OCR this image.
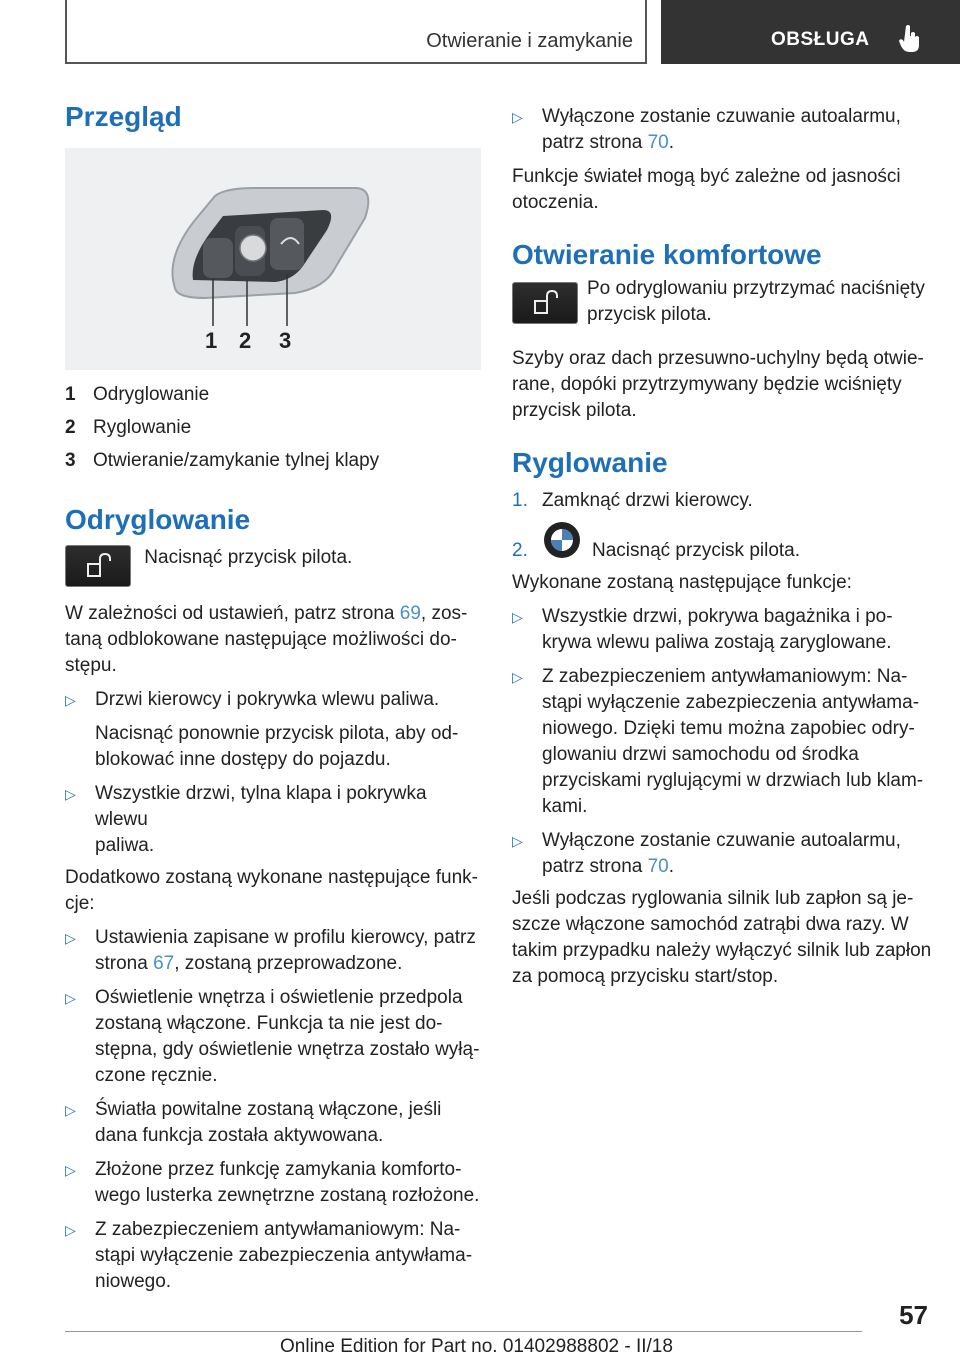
Otwieranie i zamykanie	OBSŁUGA
Przegląd
1 2 3
1 Odryglowanie
2 Ryglowanie
3 Otwieranie/zamykanie tylnej klapy
Odryglowanie
Nacisnąć przycisk pilota.

W zależności od ustawień, patrz strona 69, zos-
taną odblokowane następujące możliwości do-
stępu.

▷	Drzwi kierowcy i pokrywka wlewu paliwa.
Nacisnąć ponownie przycisk pilota, aby od-
blokować inne dostępy do pojazdu.
▷	Wszystkie drzwi, tylna klapa i pokrywka wlewu
paliwa.

Dodatkowo zostaną wykonane następujące funk-
cje:

▷	Ustawienia zapisane w profilu kierowcy, patrz
strona 67, zostaną przeprowadzone.
▷	Oświetlenie wnętrza i oświetlenie przedpola
zostaną włączone. Funkcja ta nie jest do-
stępna, gdy oświetlenie wnętrza zostało wyłą-
czone ręcznie.
▷	Światła powitalne zostaną włączone, jeśli
dana funkcja została aktywowana.
▷	Złożone przez funkcję zamykania komforto-
wego lusterka zewnętrzne zostaną rozłożone.
▷	Z zabezpieczeniem antywłamaniowym: Na-
stąpi wyłączenie zabezpieczenia antywłama-
niowego.
▷	Wyłączone zostanie czuwanie autoalarmu,
patrz strona 70.

Funkcje świateł mogą być zależne od jasności
otoczenia.

Otwieranie komfortowe
Po odryglowaniu przytrzymać naciśnięty
przycisk pilota.

Szyby oraz dach przesuwno-uchylny będą otwie-
rane, dopóki przytrzymywany będzie wciśnięty
przycisk pilota.

Ryglowanie
1. Zamknąć drzwi kierowcy.
2.	Nacisnąć przycisk pilota.

Wykonane zostaną następujące funkcje:

▷	Wszystkie drzwi, pokrywa bagażnika i po-
krywa wlewu paliwa zostają zaryglowane.
▷	Z zabezpieczeniem antywłamaniowym: Na-
stąpi wyłączenie zabezpieczenia antywłama-
niowego. Dzięki temu można zapobiec odry-
glowaniu drzwi samochodu od środka
przyciskami ryglującymi w drzwiach lub klam-
kami.
▷	Wyłączone zostanie czuwanie autoalarmu,
patrz strona 70.

Jeśli podczas ryglowania silnik lub zapłon są je-
szcze włączone samochód zatrąbi dwa razy. W
takim przypadku należy wyłączyć silnik lub zapłon
za pomocą przycisku start/stop.

57
Online Edition for Part no. 01402988802 - II/18
